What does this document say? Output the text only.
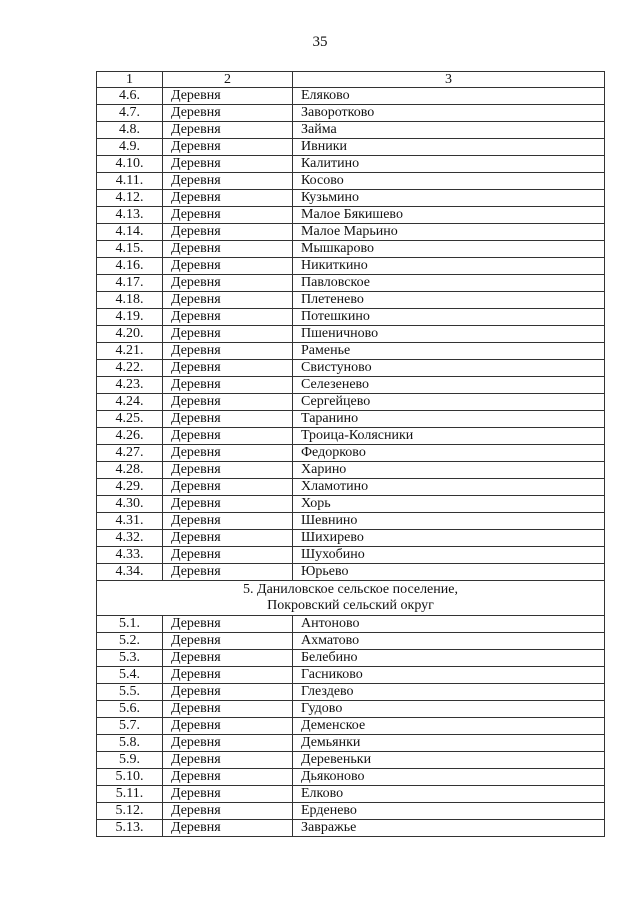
35
1	2	3
4.6.	Деревня	Еляково
4.7.	Деревня	Заворотково
4.8.	Деревня	Займа
4.9.	Деревня	Ивники
4.10.	Деревня	Калитино
4.11.	Деревня	Косово
4.12.	Деревня	Кузьмино
4.13.	Деревня	Малое Бякишево
4.14.	Деревня	Малое Марьино
4.15.	Деревня	Мышкарово
4.16.	Деревня	Никиткино
4.17.	Деревня	Павловское
4.18.	Деревня	Плетенево
4.19.	Деревня	Потешкино
4.20.	Деревня	Пшеничново
4.21.	Деревня	Раменье
4.22.	Деревня	Свистуново
4.23.	Деревня	Селезенево
4.24.	Деревня	Сергейцево
4.25.	Деревня	Таранино
4.26.	Деревня	Троица-Колясники
4.27.	Деревня	Федорково
4.28.	Деревня	Харино
4.29.	Деревня	Хламотино
4.30.	Деревня	Хорь
4.31.	Деревня	Шевнино
4.32.	Деревня	Шихирево
4.33.	Деревня	Шухобино
4.34.	Деревня	Юрьево

5. Даниловское сельское поселение,
Покровский сельский округ		

5.1.	Деревня	Антоново
5.2.	Деревня	Ахматово
5.3.	Деревня	Белебино
5.4.	Деревня	Гасниково
5.5.	Деревня	Глездево
5.6.	Деревня	Гудово
5.7.	Деревня	Деменское
5.8.	Деревня	Демьянки
5.9.	Деревня	Деревеньки
5.10.	Деревня	Дьяконово
5.11.	Деревня	Елково
5.12.	Деревня	Ерденево
5.13.	Деревня	Завражье
